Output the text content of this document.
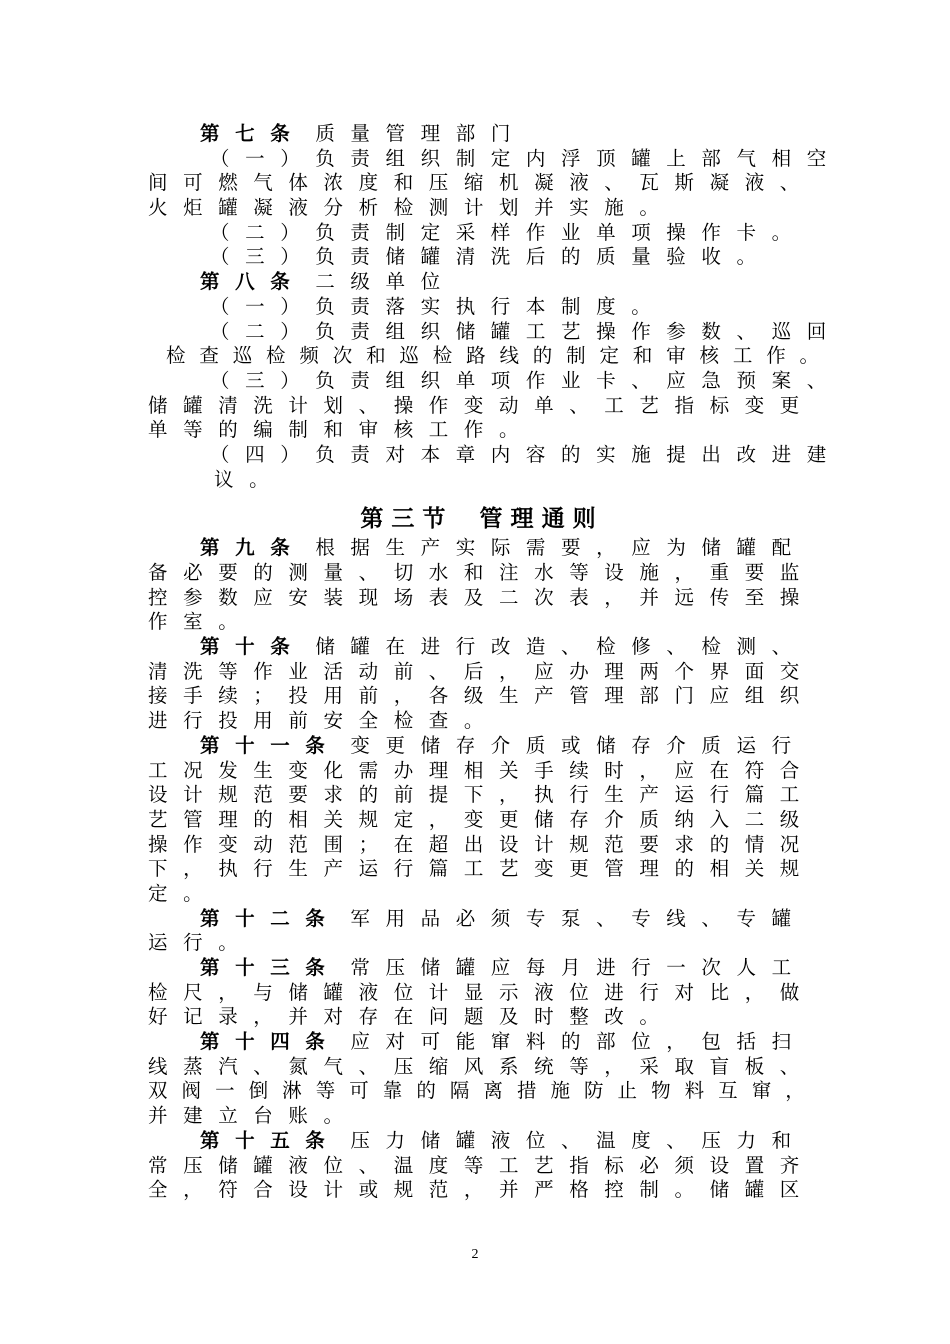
第七条 质量管理部门
（一）负责组织制定内浮顶罐上部气相空
间可燃气体浓度和压缩机凝液、瓦斯凝液、
火炬罐凝液分析检测计划并实施。
（二）负责制定采样作业单项操作卡。
（三）负责储罐清洗后的质量验收。
第八条 二级单位
（一）负责落实执行本制度。
（二）负责组织储罐工艺操作参数、巡回
检查巡检频次和巡检路线的制定和审核工作。
（三）负责组织单项作业卡、应急预案、
储罐清洗计划、操作变动单、工艺指标变更
单等的编制和审核工作。
（四）负责对本章内容的实施提出改进建
议。
第三节 管理通则
第九条 根据生产实际需要，应为储罐配
备必要的测量、切水和注水等设施，重要监
控参数应安装现场表及二次表，并远传至操
作室。
第十条 储罐在进行改造、检修、检测、
清洗等作业活动前、后，应办理两个界面交
接手续；投用前，各级生产管理部门应组织
进行投用前安全检查。
第十一条 变更储存介质或储存介质运行
工况发生变化需办理相关手续时，应在符合
设计规范要求的前提下，执行生产运行篇工
艺管理的相关规定，变更储存介质纳入二级
操作变动范围；在超出设计规范要求的情况
下，执行生产运行篇工艺变更管理的相关规
定。
第十二条 军用品必须专泵、专线、专罐
运行。
第十三条 常压储罐应每月进行一次人工
检尺，与储罐液位计显示液位进行对比，做
好记录，并对存在问题及时整改。
第十四条 应对可能窜料的部位，包括扫
线蒸汽、氮气、压缩风系统等，采取盲板、
双阀一倒淋等可靠的隔离措施防止物料互窜，
并建立台账。
第十五条 压力储罐液位、温度、压力和
常压储罐液位、温度等工艺指标必须设置齐
全，符合设计或规范，并严格控制。储罐区
2
